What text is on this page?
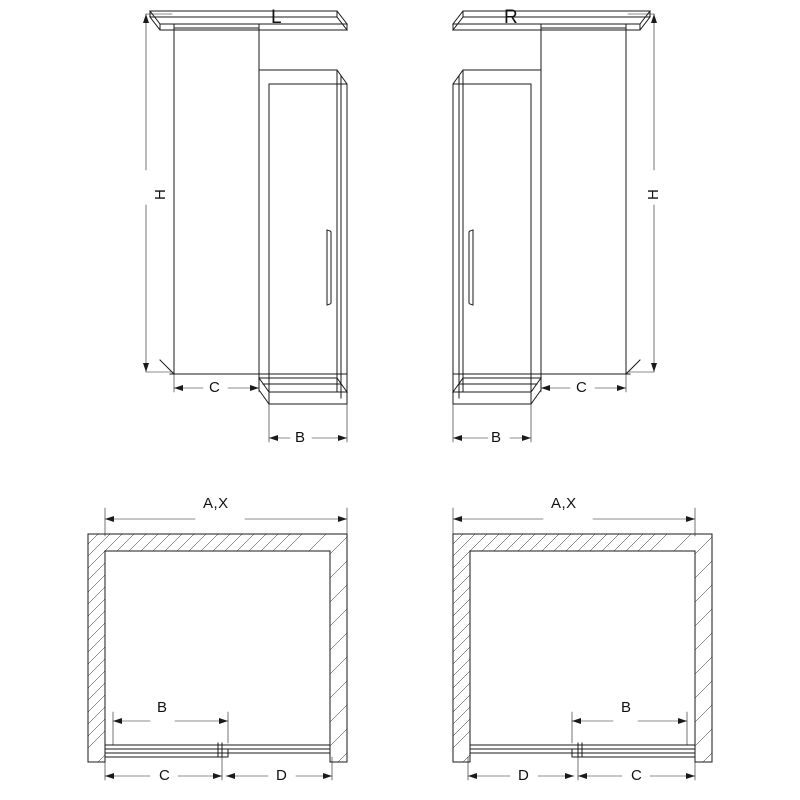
L	R
H
C
B
H
C
B
A,X
B
C	D
A,X
B
D	C
